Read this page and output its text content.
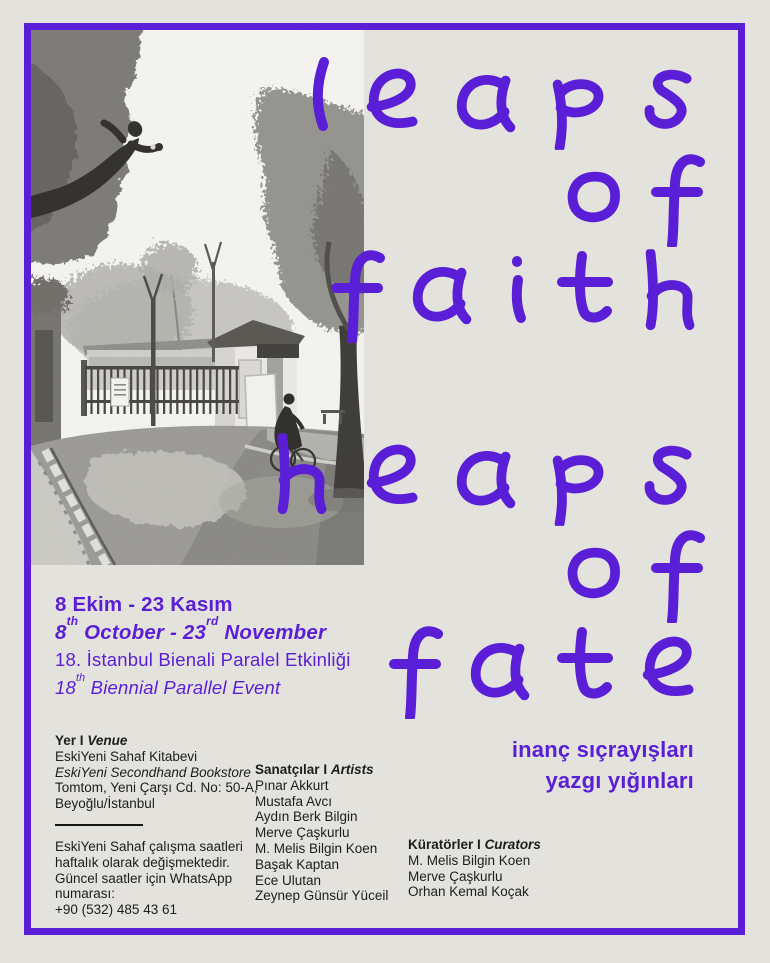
8 Ekim - 23 Kasım
8th October - 23rd November
18. İstanbul Bienali Paralel Etkinliği
18th Biennial Parallel Event
Yer I Venue
EskiYeni Sahaf Kitabevi
EskiYeni Secondhand Bookstore
Tomtom, Yeni Çarşı Cd. No: 50-A,
Beyoğlu/İstanbul
EskiYeni Sahaf çalışma saatleri
haftalık olarak değişmektedir.
Güncel saatler için WhatsApp
numarası:
+90 (532) 485 43 61
Sanatçılar I Artists
Pınar Akkurt
Mustafa Avcı
Aydın Berk Bilgin
Merve Çaşkurlu
M. Melis Bilgin Koen
Başak Kaptan
Ece Ulutan
Zeynep Günsür Yüceil
Küratörler I Curators
M. Melis Bilgin Koen
Merve Çaşkurlu
Orhan Kemal Koçak
inanç sıçrayışları
yazgı yığınları
